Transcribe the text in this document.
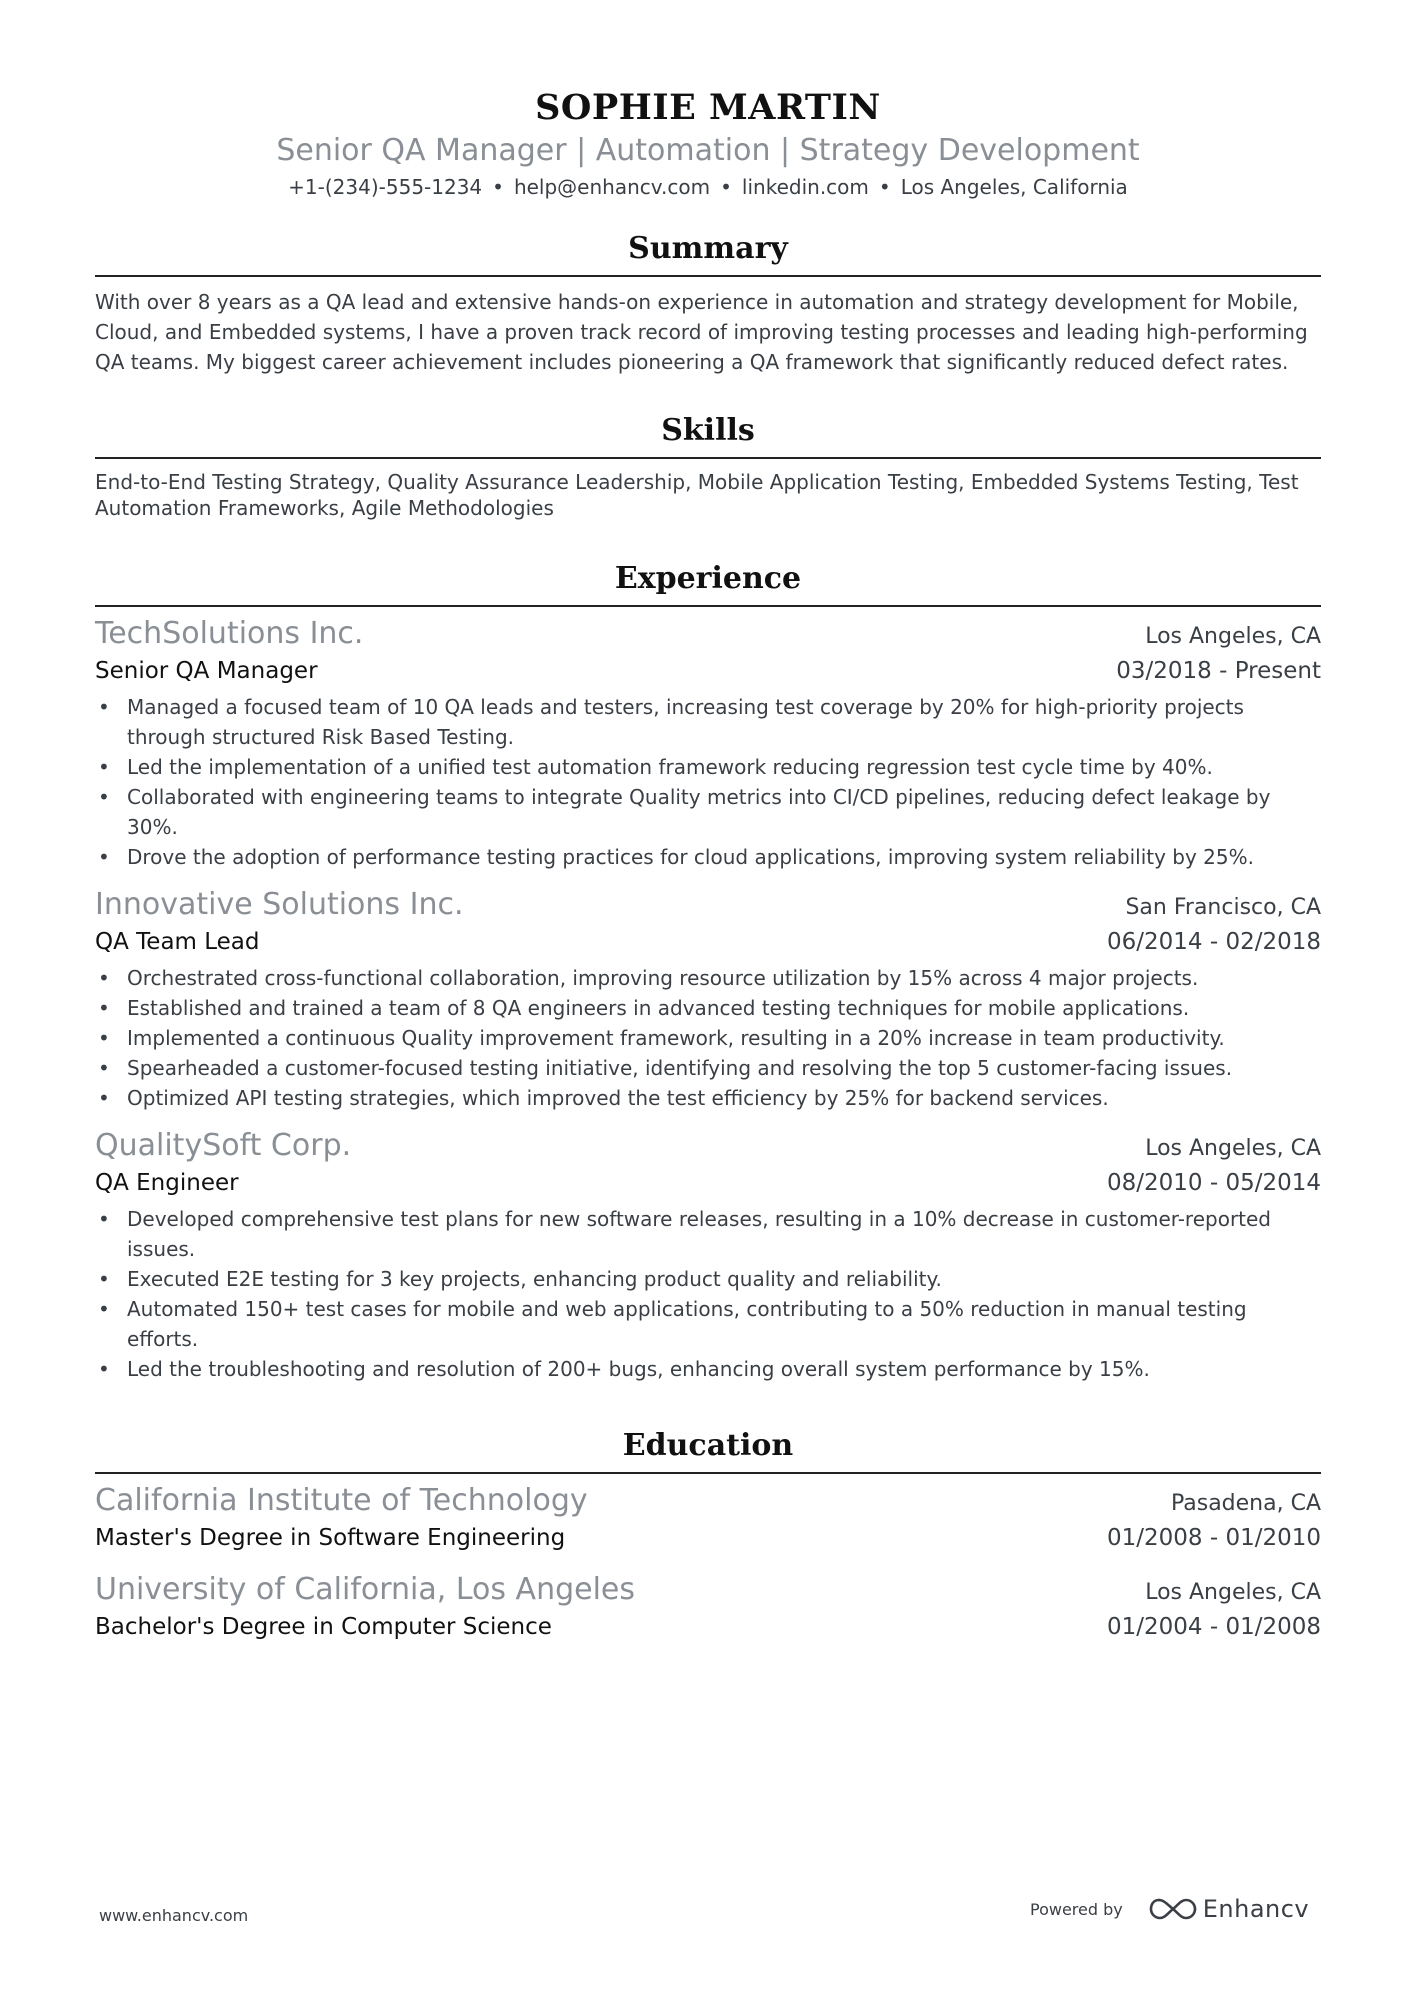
SOPHIE MARTIN
Senior QA Manager | Automation | Strategy Development
+1-(234)-555-1234 • help@enhancv.com • linkedin.com • Los Angeles, California
Summary
With over 8 years as a QA lead and extensive hands-on experience in automation and strategy development for Mobile, Cloud, and Embedded systems, I have a proven track record of improving testing processes and leading high-performing QA teams. My biggest career achievement includes pioneering a QA framework that significantly reduced defect rates.
Skills
End-to-End Testing Strategy, Quality Assurance Leadership, Mobile Application Testing, Embedded Systems Testing, Test Automation Frameworks, Agile Methodologies
Experience
TechSolutions Inc.	Los Angeles, CA
Senior QA Manager	03/2018 - Present
• Managed a focused team of 10 QA leads and testers, increasing test coverage by 20% for high-priority projects through structured Risk Based Testing.
• Led the implementation of a unified test automation framework reducing regression test cycle time by 40%.
• Collaborated with engineering teams to integrate Quality metrics into CI/CD pipelines, reducing defect leakage by 30%.
• Drove the adoption of performance testing practices for cloud applications, improving system reliability by 25%.
Innovative Solutions Inc.	San Francisco, CA
QA Team Lead	06/2014 - 02/2018
• Orchestrated cross-functional collaboration, improving resource utilization by 15% across 4 major projects.
• Established and trained a team of 8 QA engineers in advanced testing techniques for mobile applications.
• Implemented a continuous Quality improvement framework, resulting in a 20% increase in team productivity.
• Spearheaded a customer-focused testing initiative, identifying and resolving the top 5 customer-facing issues.
• Optimized API testing strategies, which improved the test efficiency by 25% for backend services.
QualitySoft Corp.	Los Angeles, CA
QA Engineer	08/2010 - 05/2014
• Developed comprehensive test plans for new software releases, resulting in a 10% decrease in customer-reported issues.
• Executed E2E testing for 3 key projects, enhancing product quality and reliability.
• Automated 150+ test cases for mobile and web applications, contributing to a 50% reduction in manual testing efforts.
• Led the troubleshooting and resolution of 200+ bugs, enhancing overall system performance by 15%.
Education
California Institute of Technology	Pasadena, CA
Master's Degree in Software Engineering	01/2008 - 01/2010
University of California, Los Angeles	Los Angeles, CA
Bachelor's Degree in Computer Science	01/2004 - 01/2008
www.enhancv.com	Powered by	Enhancv
